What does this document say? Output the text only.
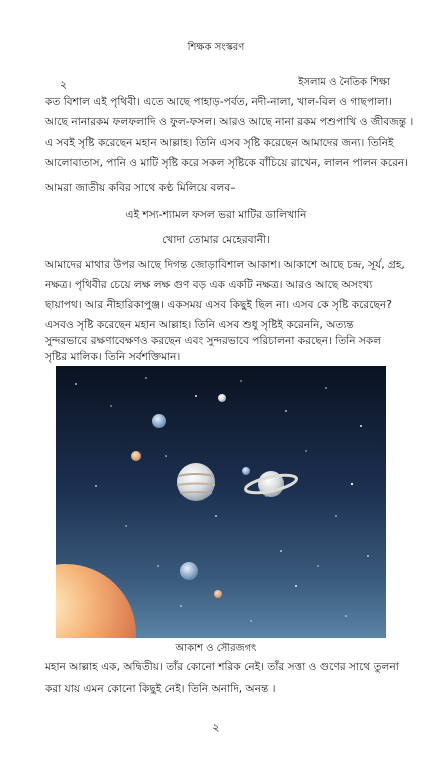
শিক্ষক সংস্করণ
২	ইসলাম ও নৈতিক শিক্ষা
কত বিশাল এই পৃথিবী। এতে আছে পাহাড়-পর্বত, নদী-নালা, খাল-বিল ও গাছপালা।
আছে নানারকম ফলফলাদি ও ফুল-ফসল। আরও আছে নানা রকম পশুপাখি ও জীবজন্তু ।
এ সবই সৃষ্টি করেছেন মহান আল্লাহ। তিনি এসব সৃষ্টি করেছেন আমাদের জন্য। তিনিই
আলোবাতাস, পানি ও মাটি সৃষ্টি করে সকল সৃষ্টিকে বাঁচিয়ে রাখেন, লালন পালন করেন।
আমরা জাতীয় কবির সাথে কণ্ঠ মিলিয়ে বলব–
এই শস্য-শ্যামল ফসল ভরা মাটির ডালিখানি
খোদা তোমার মেহেরবানী।
আমাদের মাথার উপর আছে দিগন্ত জোড়াবিশাল আকাশ। আকাশে আছে চন্দ্র, সূর্য, গ্রহ,
নক্ষত্র। পৃথিবীর চেয়ে লক্ষ লক্ষ গুণ বড় এক একটি নক্ষত্র। আরও আছে অসংখ্য
ছায়াপথ। আর নীহারিকাপুঞ্জ। একসময় এসব কিছুই ছিল না। এসব কে সৃষ্টি করেছেন?
এসবও সৃষ্টি করেছেন মহান আল্লাহ। তিনি এসব শুধু সৃষ্টিই করেননি, অত্যন্ত
সুন্দরভাবে রক্ষণাবেক্ষণও করছেন এবং সুন্দরভাবে পরিচালনা করছেন। তিনি সকল
সৃষ্টির মালিক। তিনি সর্বশক্তিমান।
আকাশ ও সৌরজগৎ
মহান আল্লাহ এক, অদ্বিতীয়। তাঁর কোনো শরিক নেই। তাঁর সত্তা ও গুণের সাথে তুলনা
করা যায় এমন কোনো কিছুই নেই। তিনি অনাদি, অনন্ত ।
২
